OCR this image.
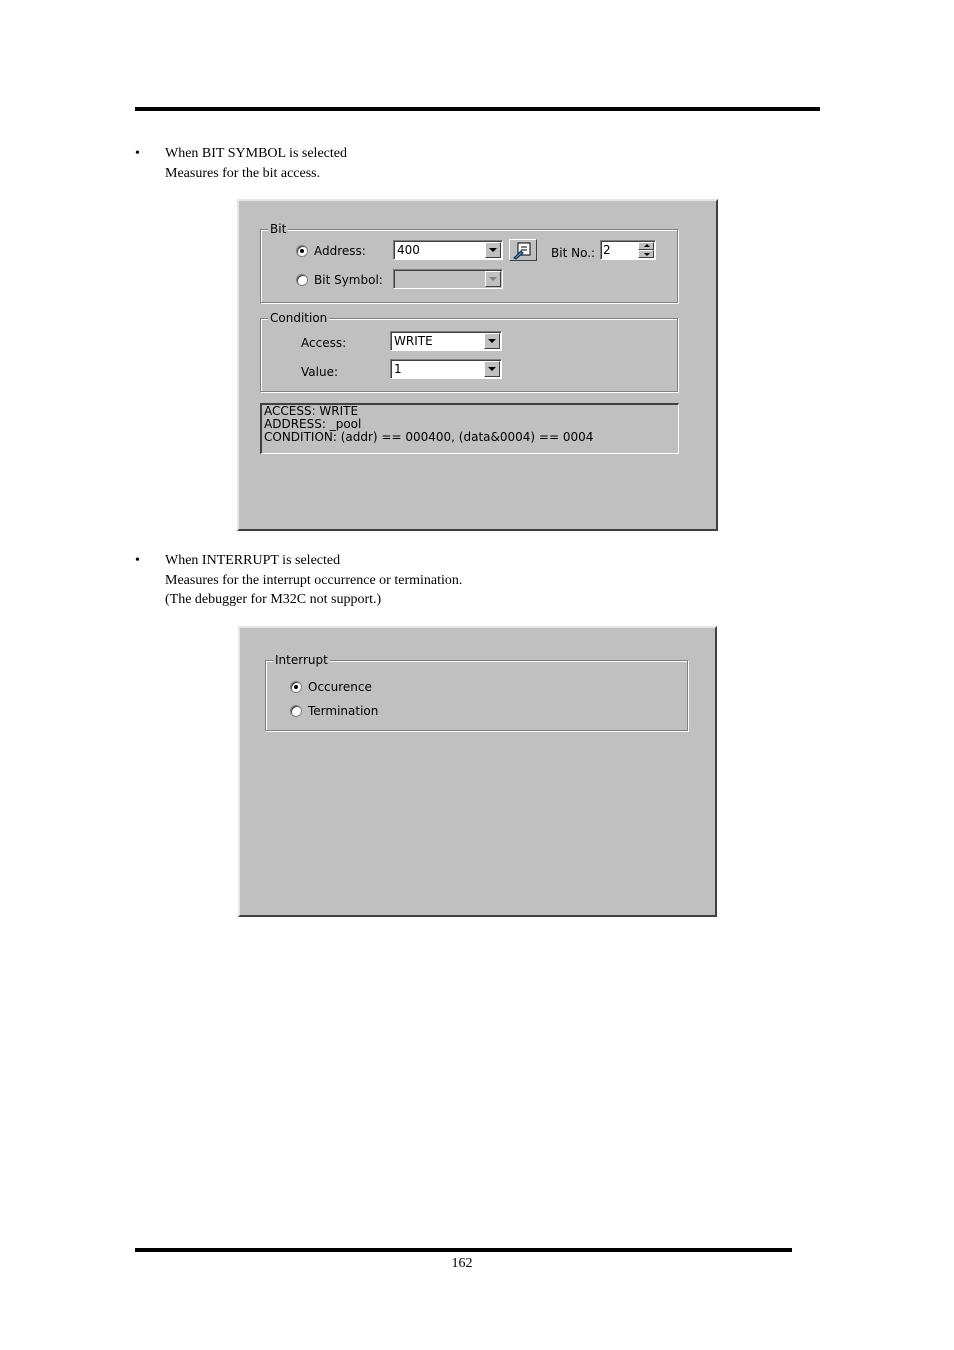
• When BIT SYMBOL is selected
Measures for the bit access.
Bit
Address:	400	Bit No.: 2
Bit Symbol:
Condition
Access:	WRITE
Value:	1
ACCESS: WRITE
ADDRESS: _pool
CONDITION: (addr) == 000400, (data&0004) == 0004
• When INTERRUPT is selected
Measures for the interrupt occurrence or termination.
(The debugger for M32C not support.)
Interrupt
Occurence
Termination
162
